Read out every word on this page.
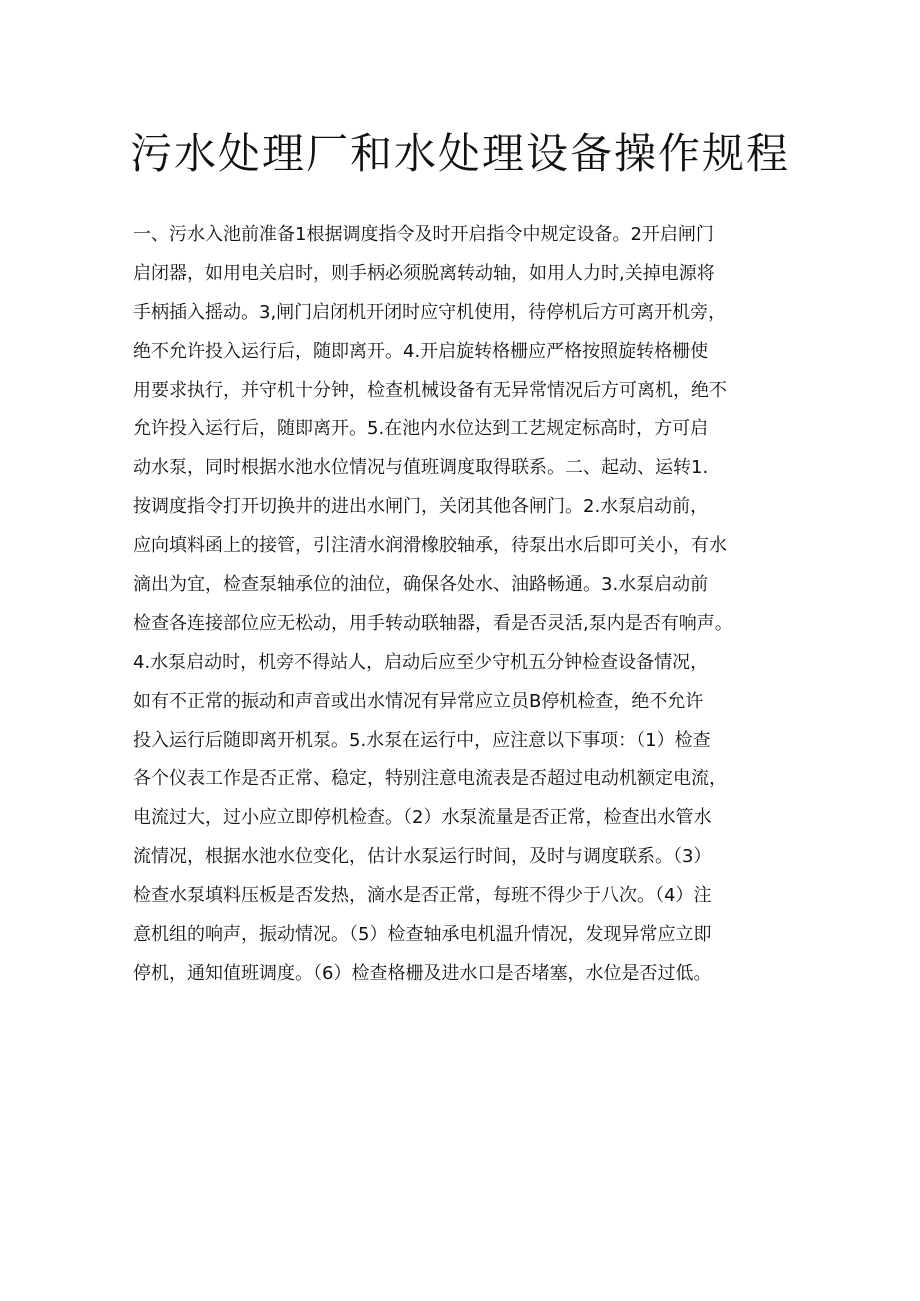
污水处理厂和水处理设备操作规程

一、污水入池前准备1根据调度指令及时开启指令中规定设备。2开启闸门

启闭器，如用电关启时，则手柄必须脱离转动轴，如用人力时,关掉电源将

手柄插入摇动。3,闸门启闭机开闭时应守机使用，待停机后方可离开机旁，

绝不允许投入运行后，随即离开。4.开启旋转格栅应严格按照旋转格栅使

用要求执行，并守机十分钟，检查机械设备有无异常情况后方可离机，绝不

允许投入运行后，随即离开。5.在池内水位达到工艺规定标高时，方可启

动水泵，同时根据水池水位情况与值班调度取得联系。二、起动、运转1.

按调度指令打开切换井的进出水闸门，关闭其他各闸门。2.水泵启动前，

应向填料函上的接管，引注清水润滑橡胶轴承，待泵出水后即可关小，有水

滴出为宜，检查泵轴承位的油位，确保各处水、油路畅通。3.水泵启动前

检查各连接部位应无松动，用手转动联轴器，看是否灵活,泵内是否有响声。

4.水泵启动时，机旁不得站人，启动后应至少守机五分钟检查设备情况，

如有不正常的振动和声音或出水情况有异常应立员B停机检查，绝不允许

投入运行后随即离开机泵。5.水泵在运行中，应注意以下事项：（1）检查

各个仪表工作是否正常、稳定，特别注意电流表是否超过电动机额定电流，

电流过大，过小应立即停机检查。（2）水泵流量是否正常，检查出水管水

流情况，根据水池水位变化，估计水泵运行时间，及时与调度联系。（3）

检查水泵填料压板是否发热，滴水是否正常，每班不得少于八次。（4）注

意机组的响声，振动情况。（5）检查轴承电机温升情况，发现异常应立即

停机，通知值班调度。（6）检查格栅及进水口是否堵塞，水位是否过低。
